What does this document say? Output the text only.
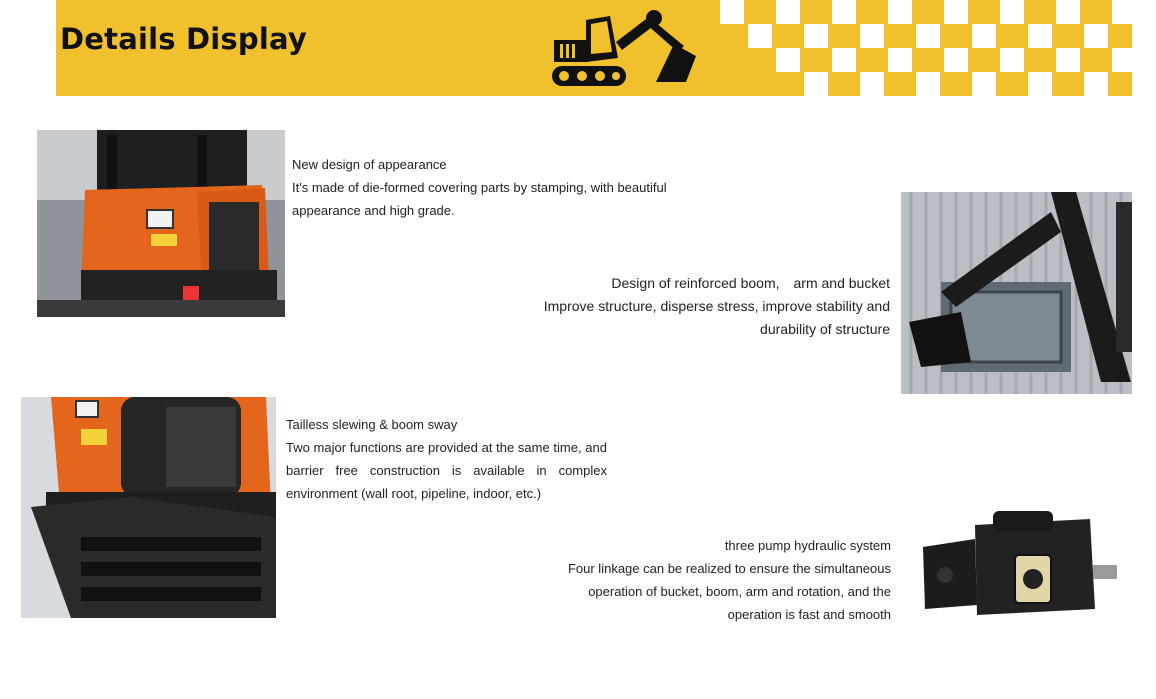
Details Display
New design of appearance
It's made of die-formed covering parts by stamping, with beautiful
appearance and high grade.
Design of reinforced boom,　arm and bucket
Improve structure, disperse stress, improve stability and
durability of structure
Tailless slewing & boom sway
Two major functions are provided at the same time, and
barrier free construction is available in complex
environment (wall root, pipeline, indoor, etc.)
three pump hydraulic system
Four linkage can be realized to ensure the simultaneous
operation of bucket, boom, arm and rotation, and the
operation is fast and smooth
